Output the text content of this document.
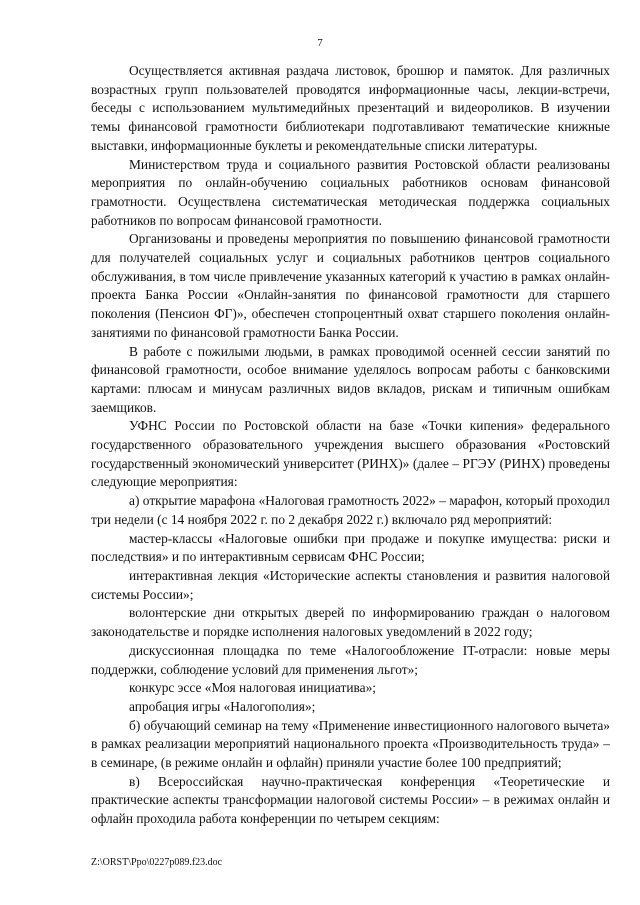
7

Осуществляется активная раздача листовок, брошюр и памяток. Для различных возрастных групп пользователей проводятся информационные часы, лекции-встречи, беседы с использованием мультимедийных презентаций и видеороликов. В изучении темы финансовой грамотности библиотекари подготавливают тематические книжные выставки, информационные буклеты и рекомендательные списки литературы.

Министерством труда и социального развития Ростовской области реализованы мероприятия по онлайн-обучению социальных работников основам финансовой грамотности. Осуществлена систематическая методическая поддержка социальных работников по вопросам финансовой грамотности.

Организованы и проведены мероприятия по повышению финансовой грамотности для получателей социальных услуг и социальных работников центров социального обслуживания, в том числе привлечение указанных категорий к участию в рамках онлайн-проекта Банка России «Онлайн-занятия по финансовой грамотности для старшего поколения (Пенсион ФГ)», обеспечен стопроцентный охват старшего поколения онлайн-занятиями по финансовой грамотности Банка России.

В работе с пожилыми людьми, в рамках проводимой осенней сессии занятий по финансовой грамотности, особое внимание уделялось вопросам работы с банковскими картами: плюсам и минусам различных видов вкладов, рискам и типичным ошибкам заемщиков.

УФНС России по Ростовской области на базе «Точки кипения» федерального государственного образовательного учреждения высшего образования «Ростовский государственный экономический университет (РИНХ)» (далее – РГЭУ (РИНХ) проведены следующие мероприятия:

а) открытие марафона «Налоговая грамотность 2022» – марафон, который проходил три недели (с 14 ноября 2022 г. по 2 декабря 2022 г.) включало ряд мероприятий:

мастер-классы «Налоговые ошибки при продаже и покупке имущества: риски и последствия» и по интерактивным сервисам ФНС России;

интерактивная лекция «Исторические аспекты становления и развития налоговой системы России»;

волонтерские дни открытых дверей по информированию граждан о налоговом законодательстве и порядке исполнения налоговых уведомлений в 2022 году;

дискуссионная площадка по теме «Налогообложение IT-отрасли: новые меры поддержки, соблюдение условий для применения льгот»;

конкурс эссе «Моя налоговая инициатива»;

апробация игры «Налогополия»;

б) обучающий семинар на тему «Применение инвестиционного налогового вычета» в рамках реализации мероприятий национального проекта «Производительность труда» – в семинаре, (в режиме онлайн и офлайн) приняли участие более 100 предприятий;

в) Всероссийская научно-практическая конференция «Теоретические и практические аспекты трансформации налоговой системы России» – в режимах онлайн и офлайн проходила работа конференции по четырем секциям:

Z:\ORST\Ppo\0227p089.f23.doc
